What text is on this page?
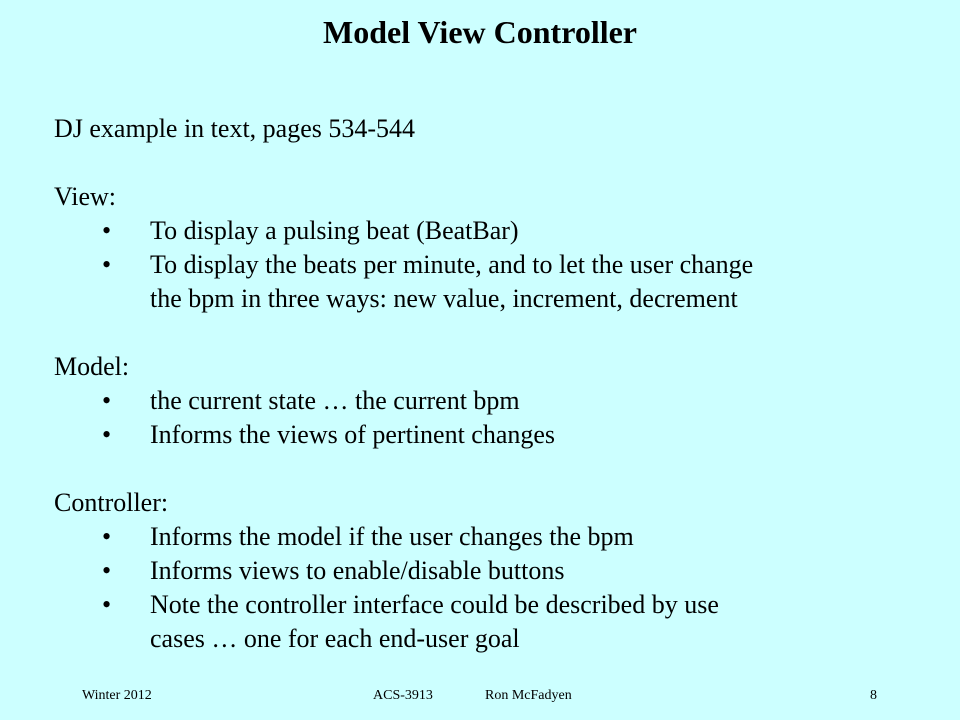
Model View Controller
DJ example in text, pages 534-544
View:
• To display a pulsing beat (BeatBar)
• To display the beats per minute, and to let the user change
the bpm in three ways: new value, increment, decrement
Model:
• the current state … the current bpm
• Informs the views of pertinent changes
Controller:
• Informs the model if the user changes the bpm
• Informs views to enable/disable buttons
• Note the controller interface could be described by use
cases … one for each end-user goal
Winter 2012	ACS-3913	Ron McFadyen	8
